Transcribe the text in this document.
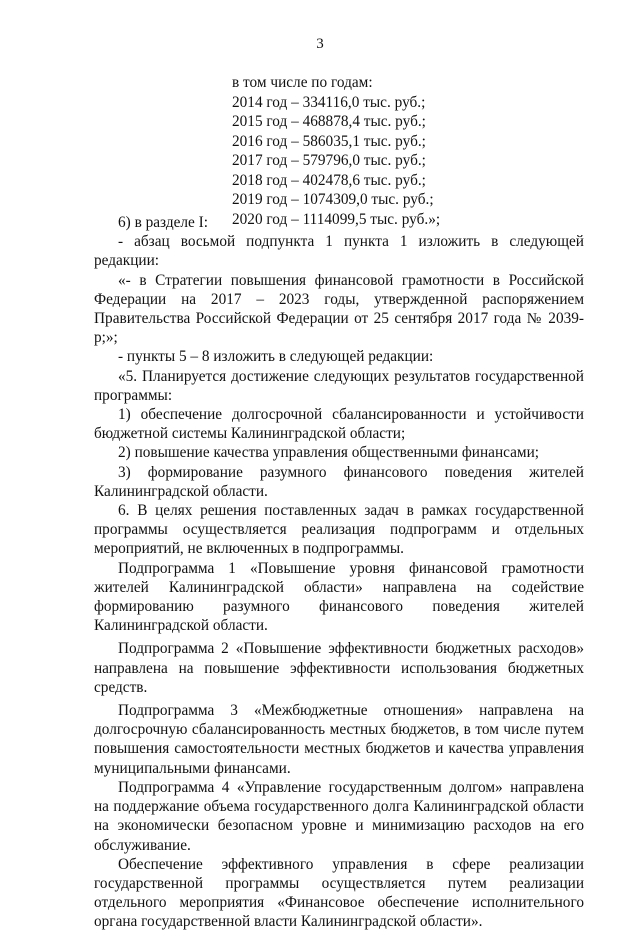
3
в том числе по годам:
2014 год – 334116,0 тыс. руб.;
2015 год – 468878,4 тыс. руб.;
2016 год – 586035,1 тыс. руб.;
2017 год – 579796,0 тыс. руб.;
2018 год – 402478,6 тыс. руб.;
2019 год – 1074309,0 тыс. руб.;
2020 год – 1114099,5 тыс. руб.»;

6) в разделе I:

- абзац восьмой подпункта 1 пункта 1 изложить в следующей редакции:

«- в Стратегии повышения финансовой грамотности в Российской Федерации на 2017 – 2023 годы, утвержденной распоряжением Правительства Российской Федерации от 25 сентября 2017 года № 2039-р;»;

- пункты 5 – 8 изложить в следующей редакции:

«5. Планируется достижение следующих результатов государственной программы:

1) обеспечение долгосрочной сбалансированности и устойчивости бюджетной системы Калининградской области;

2) повышение качества управления общественными финансами;

3) формирование разумного финансового поведения жителей Калининградской области.

6. В целях решения поставленных задач в рамках государственной программы осуществляется реализация подпрограмм и отдельных мероприятий, не включенных в подпрограммы.

Подпрограмма 1 «Повышение уровня финансовой грамотности жителей Калининградской области» направлена на содействие формированию разумного финансового поведения жителей Калининградской области.

Подпрограмма 2 «Повышение эффективности бюджетных расходов» направлена на повышение эффективности использования бюджетных средств.

Подпрограмма 3 «Межбюджетные отношения» направлена на долгосрочную сбалансированность местных бюджетов, в том числе путем повышения самостоятельности местных бюджетов и качества управления муниципальными финансами.

Подпрограмма 4 «Управление государственным долгом» направлена на поддержание объема государственного долга Калининградской области на экономически безопасном уровне и минимизацию расходов на его обслуживание.

Обеспечение эффективного управления в сфере реализации государственной программы осуществляется путем реализации отдельного мероприятия «Финансовое обеспечение исполнительного органа государственной власти Калининградской области».
